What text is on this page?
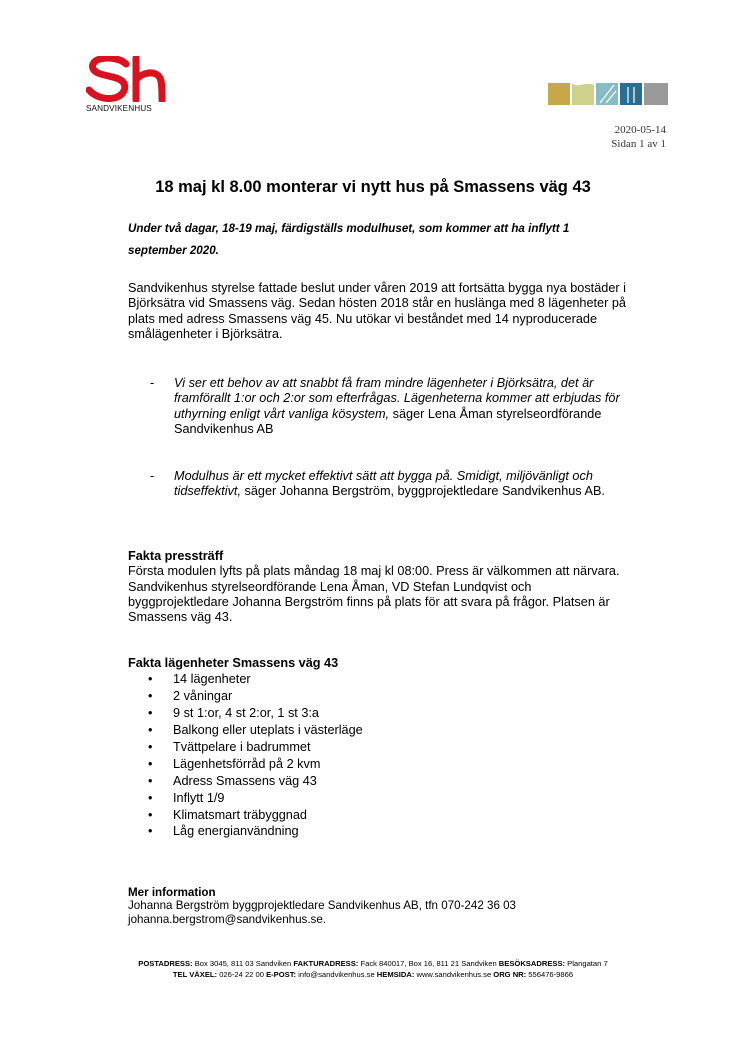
SANDVIKENHUS
2020-05-14
Sidan 1 av 1
18 maj kl 8.00 monterar vi nytt hus på Smassens väg 43
Under två dagar, 18-19 maj, färdigställs modulhuset, som kommer att ha inflytt 1 september 2020.
Sandvikenhus styrelse fattade beslut under våren 2019 att fortsätta bygga nya bostäder i Björksätra vid Smassens väg. Sedan hösten 2018 står en huslänga med 8 lägenheter på plats med adress Smassens väg 45. Nu utökar vi beståndet med 14 nyproducerade smålägenheter i Björksätra.
- Vi ser ett behov av att snabbt få fram mindre lägenheter i Björksätra, det är framförallt 1:or och 2:or som efterfrågas. Lägenheterna kommer att erbjudas för uthyrning enligt vårt vanliga kösystem, säger Lena Åman styrelseordförande Sandvikenhus AB
- Modulhus är ett mycket effektivt sätt att bygga på. Smidigt, miljövänligt och tidseffektivt, säger Johanna Bergström, byggprojektledare Sandvikenhus AB.
Fakta pressträff
Första modulen lyfts på plats måndag 18 maj kl 08:00. Press är välkommen att närvara. Sandvikenhus styrelseordförande Lena Åman, VD Stefan Lundqvist och byggprojektledare Johanna Bergström finns på plats för att svara på frågor. Platsen är Smassens väg 43.
Fakta lägenheter Smassens väg 43
• 14 lägenheter
• 2 våningar
• 9 st 1:or, 4 st 2:or, 1 st 3:a
• Balkong eller uteplats i västerläge
• Tvättpelare i badrummet
• Lägenhetsförråd på 2 kvm
• Adress Smassens väg 43
• Inflytt 1/9
• Klimatsmart träbyggnad
• Låg energianvändning
Mer information
Johanna Bergström byggprojektledare Sandvikenhus AB, tfn 070-242 36 03
johanna.bergstrom@sandvikenhus.se.
POSTADRESS: Box 3045, 811 03 Sandviken FAKTURADRESS: Fack 840017, Box 16, 811 21 Sandviken BESÖKSADRESS: Plangatan 7
TEL VÄXEL: 026-24 22 00 E-POST: info@sandvikenhus.se HEMSIDA: www.sandvikenhus.se ORG NR: 556476-9866
